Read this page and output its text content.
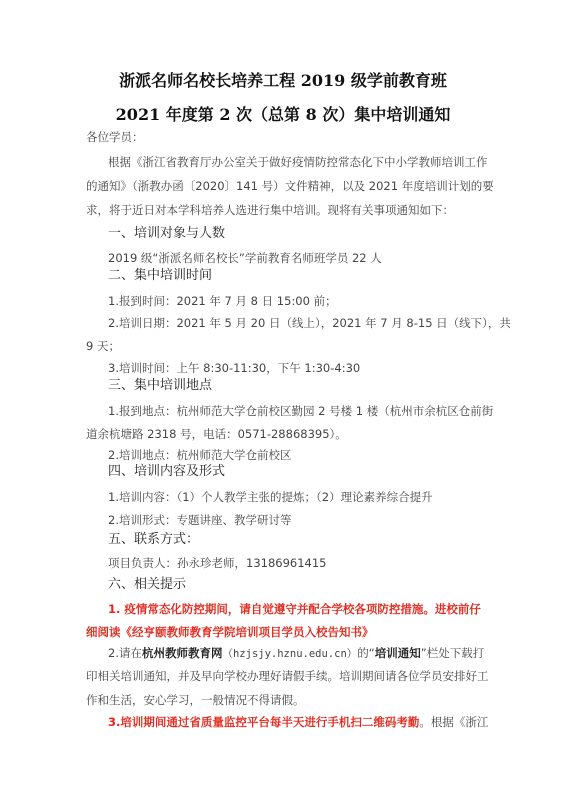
浙派名师名校长培养工程 2019 级学前教育班
2021 年度第 2 次（总第 8 次）集中培训通知
各位学员：
根据《浙江省教育厅办公室关于做好疫情防控常态化下中小学教师培训工作
的通知》（浙教办函〔2020〕141 号）文件精神，以及 2021 年度培训计划的要
求，将于近日对本学科培养人选进行集中培训。现将有关事项通知如下：
一、培训对象与人数
2019 级“浙派名师名校长”学前教育名师班学员 22 人
二、集中培训时间
1.报到时间：2021 年 7 月 8 日 15:00 前；
2.培训日期：2021 年 5 月 20 日（线上），2021 年 7 月 8-15 日（线下），共
9 天；
3.培训时间：上午 8:30-11:30，下午 1:30-4:30
三、集中培训地点
1.报到地点：杭州师范大学仓前校区勤园 2 号楼 1 楼（杭州市余杭区仓前街
道余杭塘路 2318 号，电话：0571-28868395）。
2.培训地点：杭州师范大学仓前校区
四、培训内容及形式
1.培训内容：（1）个人教学主张的提炼；（2）理论素养综合提升
2.培训形式：专题讲座、教学研讨等
五、联系方式：
项目负责人：孙永珍老师，13186961415
六、相关提示
1. 疫情常态化防控期间，请自觉遵守并配合学校各项防控措施。进校前仔
细阅读《经亨颐教师教育学院培训项目学员入校告知书》
2.请在杭州教师教育网（hzjsjy.hznu.edu.cn）的“培训通知”栏处下载打
印相关培训通知，并及早向学校办理好请假手续。培训期间请各位学员安排好工
作和生活，安心学习，一般情况不得请假。
3.培训期间通过省质量监控平台每半天进行手机扫二维码考勤。根据《浙江
